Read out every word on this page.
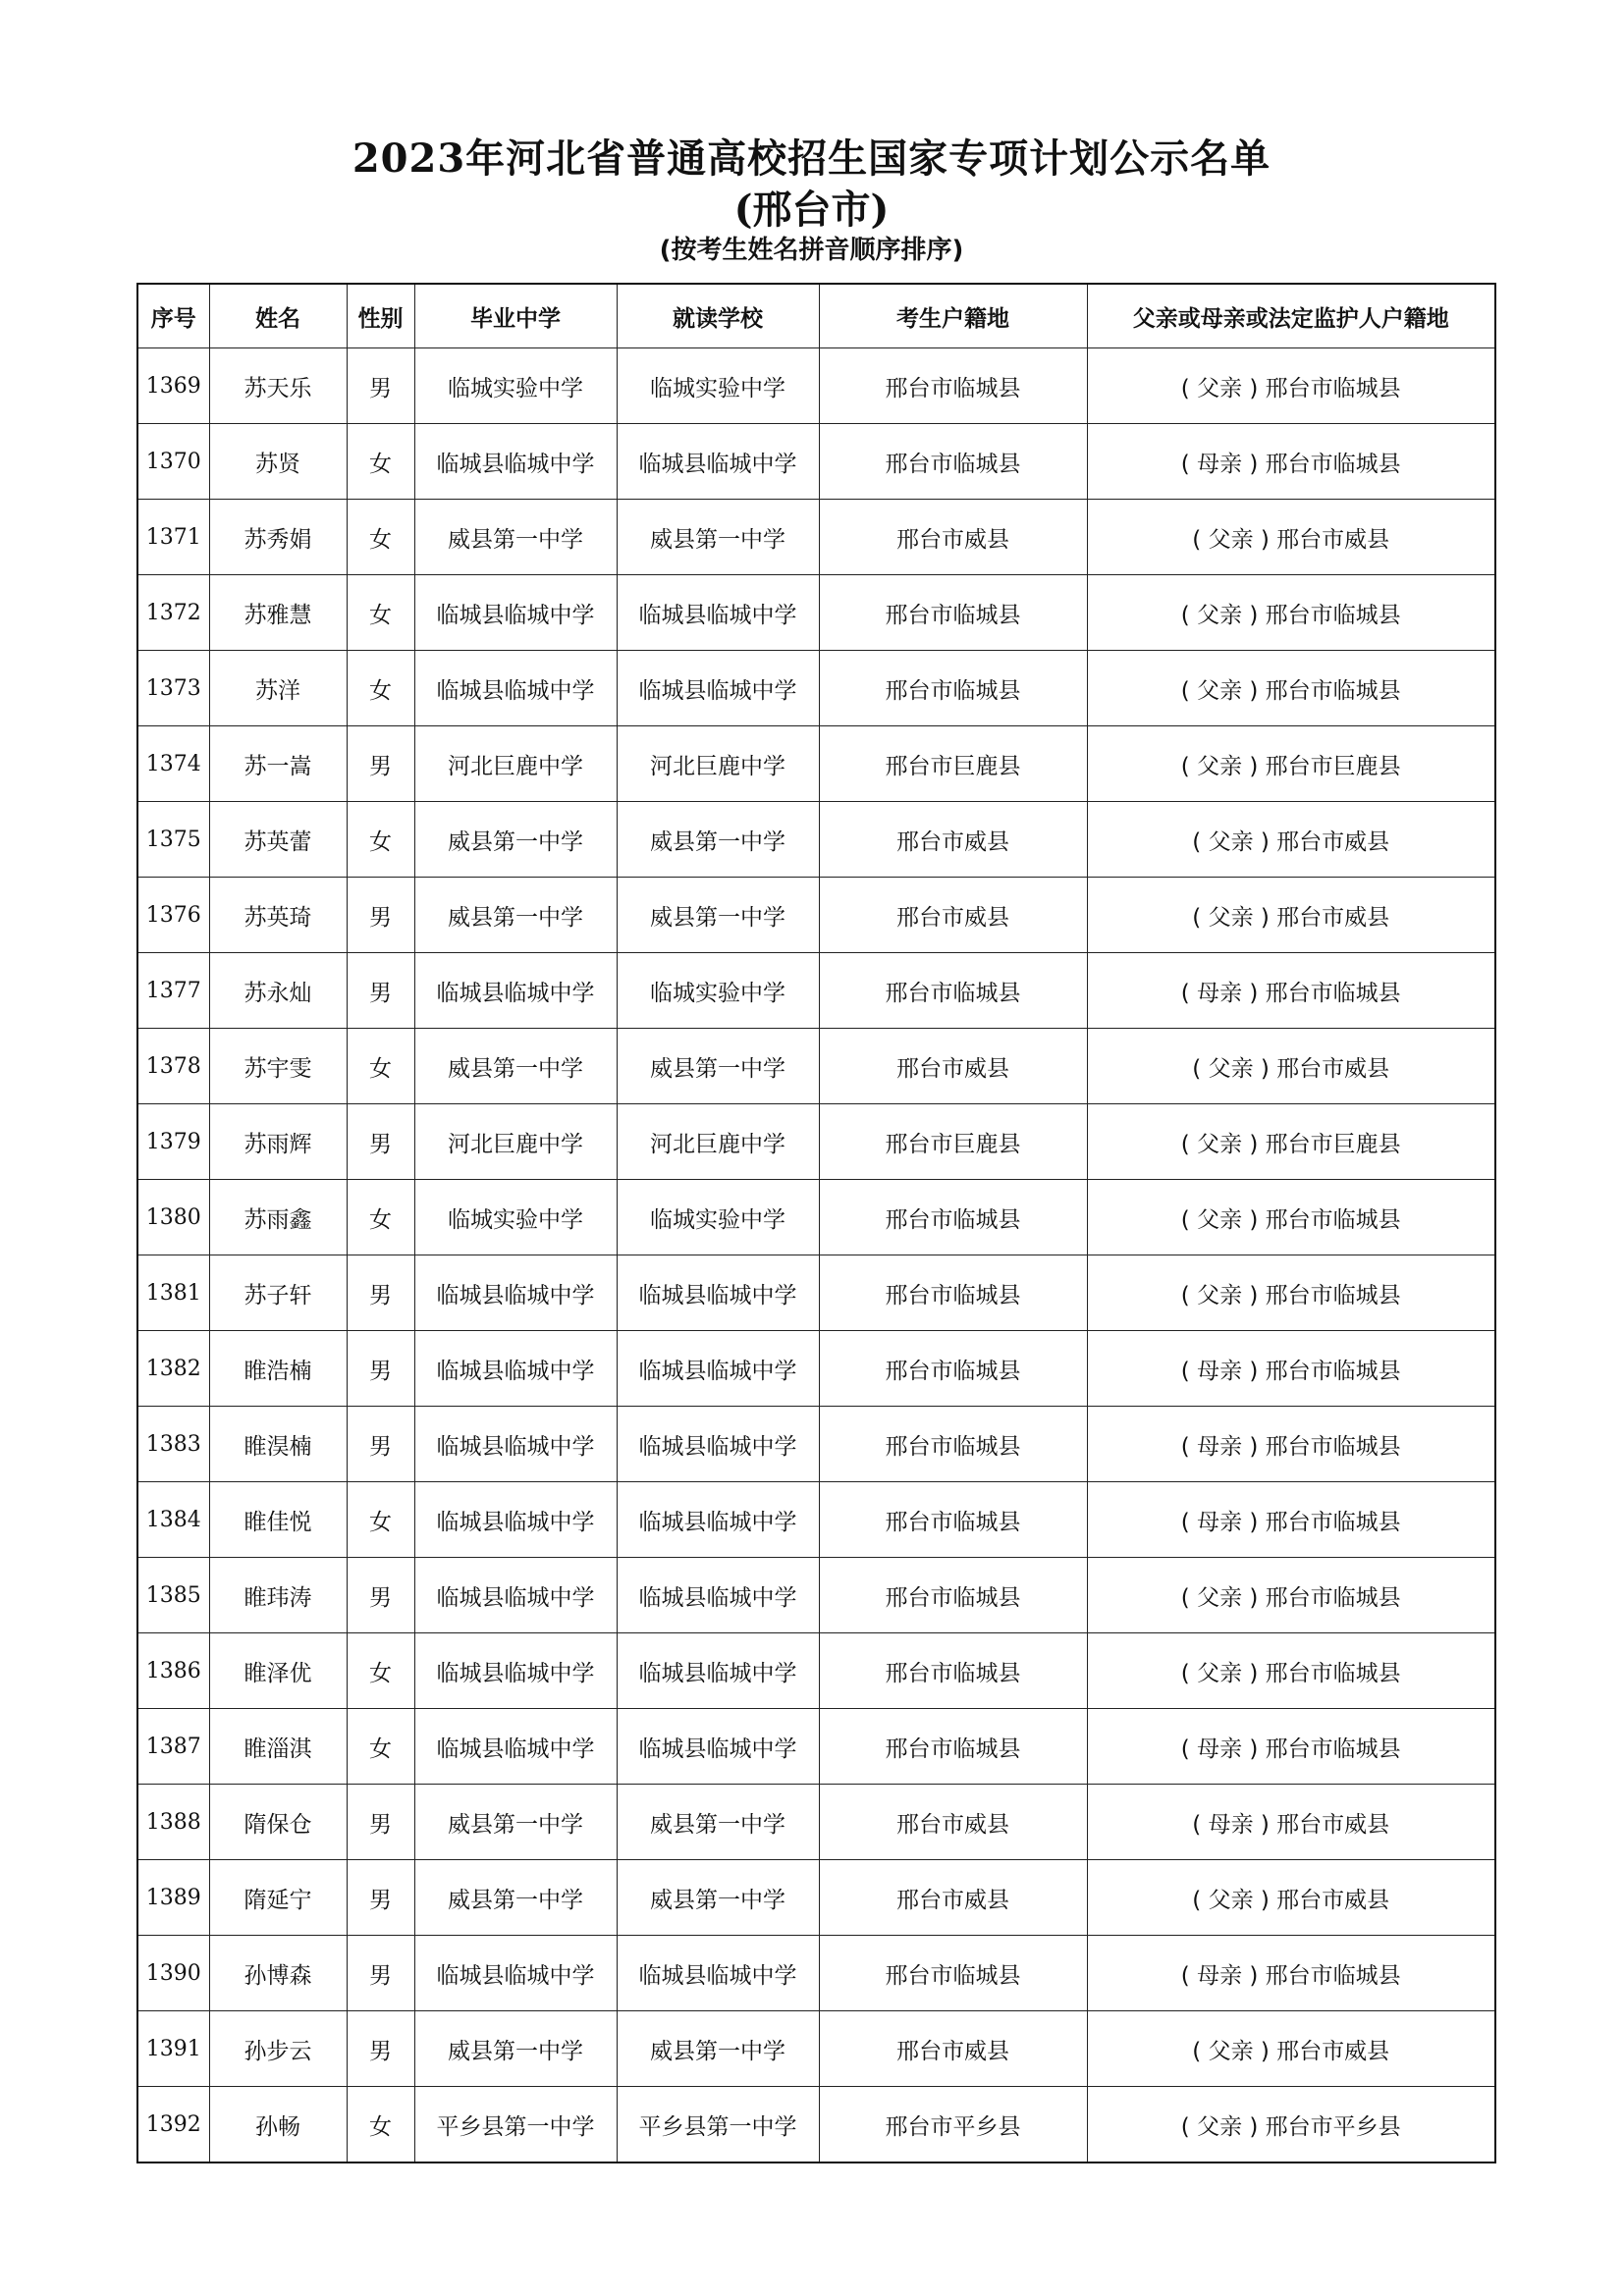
2023年河北省普通高校招生国家专项计划公示名单
(邢台市)
(按考生姓名拼音顺序排序)
序号	姓名	性别	毕业中学	就读学校	考生户籍地	父亲或母亲或法定监护人户籍地
1369	苏天乐	男	临城实验中学	临城实验中学	邢台市临城县	( 父亲 ) 邢台市临城县
1370	苏贤	女	临城县临城中学	临城县临城中学	邢台市临城县	( 母亲 ) 邢台市临城县
1371	苏秀娟	女	威县第一中学	威县第一中学	邢台市威县	( 父亲 ) 邢台市威县
1372	苏雅慧	女	临城县临城中学	临城县临城中学	邢台市临城县	( 父亲 ) 邢台市临城县
1373	苏洋	女	临城县临城中学	临城县临城中学	邢台市临城县	( 父亲 ) 邢台市临城县
1374	苏一嵩	男	河北巨鹿中学	河北巨鹿中学	邢台市巨鹿县	( 父亲 ) 邢台市巨鹿县
1375	苏英蕾	女	威县第一中学	威县第一中学	邢台市威县	( 父亲 ) 邢台市威县
1376	苏英琦	男	威县第一中学	威县第一中学	邢台市威县	( 父亲 ) 邢台市威县
1377	苏永灿	男	临城县临城中学	临城实验中学	邢台市临城县	( 母亲 ) 邢台市临城县
1378	苏宇雯	女	威县第一中学	威县第一中学	邢台市威县	( 父亲 ) 邢台市威县
1379	苏雨辉	男	河北巨鹿中学	河北巨鹿中学	邢台市巨鹿县	( 父亲 ) 邢台市巨鹿县
1380	苏雨鑫	女	临城实验中学	临城实验中学	邢台市临城县	( 父亲 ) 邢台市临城县
1381	苏子轩	男	临城县临城中学	临城县临城中学	邢台市临城县	( 父亲 ) 邢台市临城县
1382	睢浩楠	男	临城县临城中学	临城县临城中学	邢台市临城县	( 母亲 ) 邢台市临城县
1383	睢淏楠	男	临城县临城中学	临城县临城中学	邢台市临城县	( 母亲 ) 邢台市临城县
1384	睢佳悦	女	临城县临城中学	临城县临城中学	邢台市临城县	( 母亲 ) 邢台市临城县
1385	睢玮涛	男	临城县临城中学	临城县临城中学	邢台市临城县	( 父亲 ) 邢台市临城县
1386	睢泽优	女	临城县临城中学	临城县临城中学	邢台市临城县	( 父亲 ) 邢台市临城县
1387	睢淄淇	女	临城县临城中学	临城县临城中学	邢台市临城县	( 母亲 ) 邢台市临城县
1388	隋保仓	男	威县第一中学	威县第一中学	邢台市威县	( 母亲 ) 邢台市威县
1389	隋延宁	男	威县第一中学	威县第一中学	邢台市威县	( 父亲 ) 邢台市威县
1390	孙博森	男	临城县临城中学	临城县临城中学	邢台市临城县	( 母亲 ) 邢台市临城县
1391	孙步云	男	威县第一中学	威县第一中学	邢台市威县	( 父亲 ) 邢台市威县
1392	孙畅	女	平乡县第一中学	平乡县第一中学	邢台市平乡县	( 父亲 ) 邢台市平乡县
